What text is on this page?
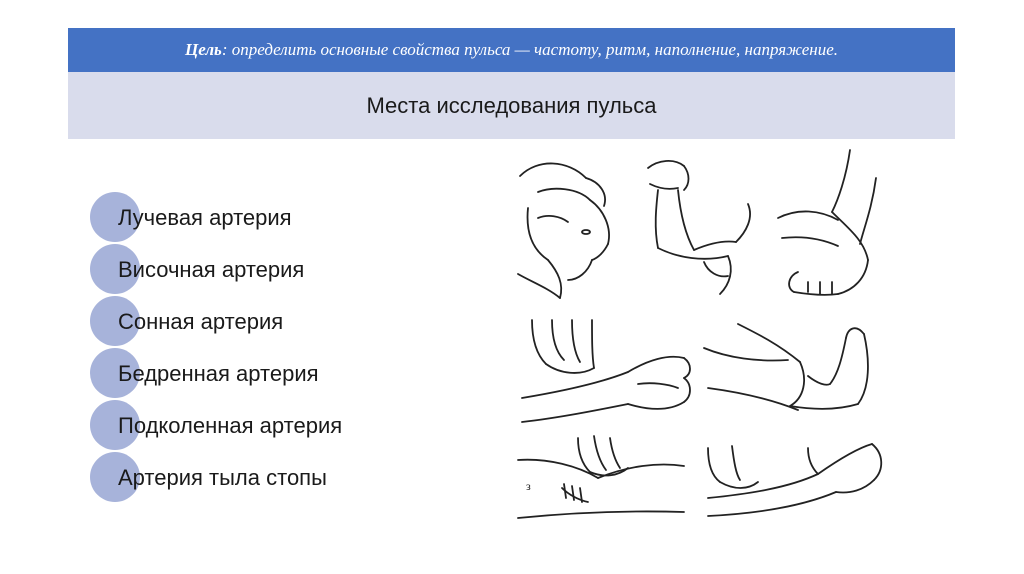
Цель : определить основные свойства пульса — частоту, ритм, наполнение, напряжение.
Места исследования пульса
Лучевая артерия
Височная артерия
Сонная артерия
Бедренная артерия
Подколенная артерия
Артерия тыла стопы	з
